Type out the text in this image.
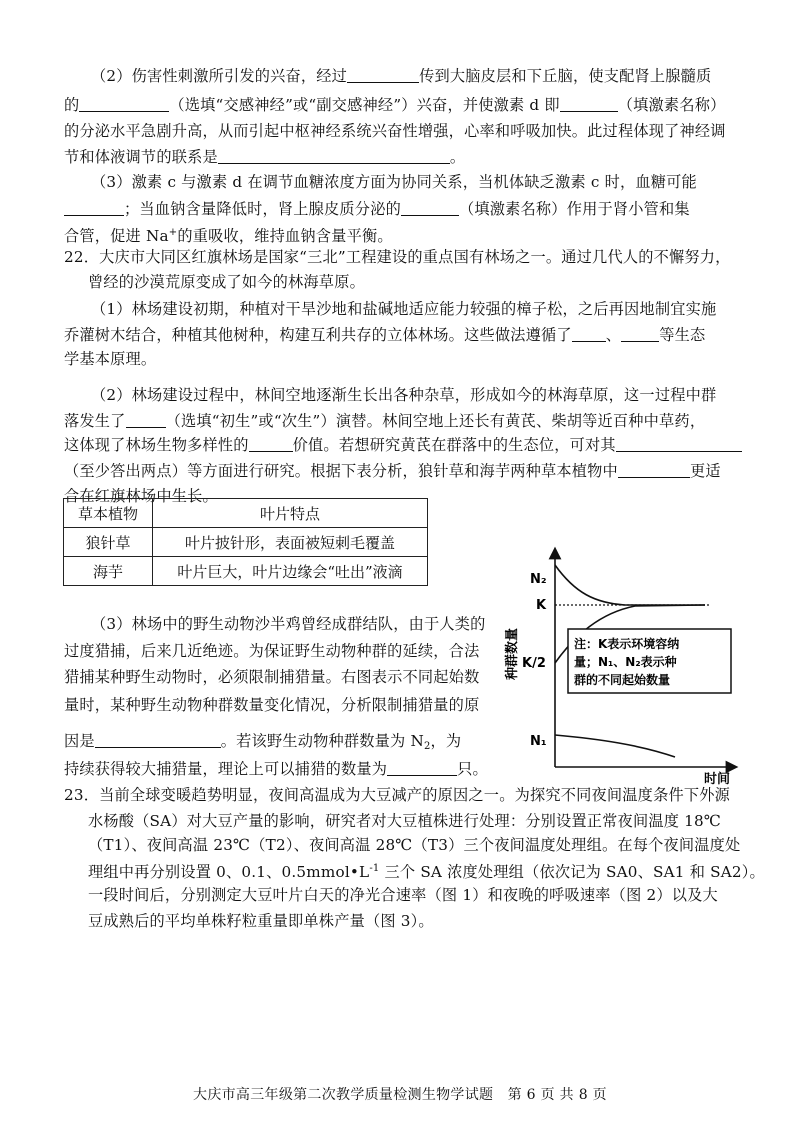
（2）伤害性刺激所引发的兴奋，经过	传到大脑皮层和下丘脑，使支配肾上腺髓质
的	（选填“交感神经”或“副交感神经”）兴奋，并使激素 d 即	（填激素名称）
的分泌水平急剧升高，从而引起中枢神经系统兴奋性增强，心率和呼吸加快。此过程体现了神经调
节和体液调节的联系是	。
（3）激素 c 与激素 d 在调节血糖浓度方面为协同关系，当机体缺乏激素 c 时，血糖可能
；当血钠含量降低时，肾上腺皮质分泌的	（填激素名称）作用于肾小管和集
合管，促进 Na+的重吸收，维持血钠含量平衡。
22．大庆市大同区红旗林场是国家“三北”工程建设的重点国有林场之一。通过几代人的不懈努力，
曾经的沙漠荒原变成了如今的林海草原。
（1）林场建设初期，种植对干旱沙地和盐碱地适应能力较强的樟子松，之后再因地制宜实施
乔灌树木结合，种植其他树种，构建互利共存的立体林场。这些做法遵循了 、	等生态
学基本原理。
（2）林场建设过程中，林间空地逐渐生长出各种杂草，形成如今的林海草原，这一过程中群
落发生了	（选填“初生”或“次生”）演替。林间空地上还长有黄芪、柴胡等近百种中草药，
这体现了林场生物多样性的	价值。若想研究黄芪在群落中的生态位，可对其
（至少答出两点）等方面进行研究。根据下表分析，狼针草和海芋两种草本植物中	更适
合在红旗林场中生长。
草本植物	叶片特点
狼针草	叶片披针形，表面被短刺毛覆盖
海芋	叶片巨大，叶片边缘会“吐出”液滴
（3）林场中的野生动物沙半鸡曾经成群结队，由于人类的
过度猎捕，后来几近绝迹。为保证野生动物种群的延续，合法
猎捕某种野生动物时，必须限制捕猎量。右图表示不同起始数
量时，某种野生动物种群数量变化情况，分析限制捕猎量的原
因是	。若该野生动物种群数量为 N2，为
持续获得较大捕猎量，理论上可以捕猎的数量为	只。
N₂
K
K/2
N₁
种群数量
时间
注：K表示环境容纳
量；N₁、N₂表示种
群的不同起始数量
23．当前全球变暖趋势明显，夜间高温成为大豆减产的原因之一。为探究不同夜间温度条件下外源
水杨酸（SA）对大豆产量的影响，研究者对大豆植株进行处理：分别设置正常夜间温度 18℃
（T1）、夜间高温 23℃（T2）、夜间高温 28℃（T3）三个夜间温度处理组。在每个夜间温度处
理组中再分别设置 0、0.1、$0.5mmol•L^{-1}$ 三个 SA 浓度处理组（依次记为 SA0、SA1 和 SA2）。
一段时间后，分别测定大豆叶片白天的净光合速率（图 1）和夜晚的呼吸速率（图 2）以及大
豆成熟后的平均单株籽粒重量即单株产量（图 3）。
大庆市高三年级第二次教学质量检测生物学试题　第 6 页 共 8 页
